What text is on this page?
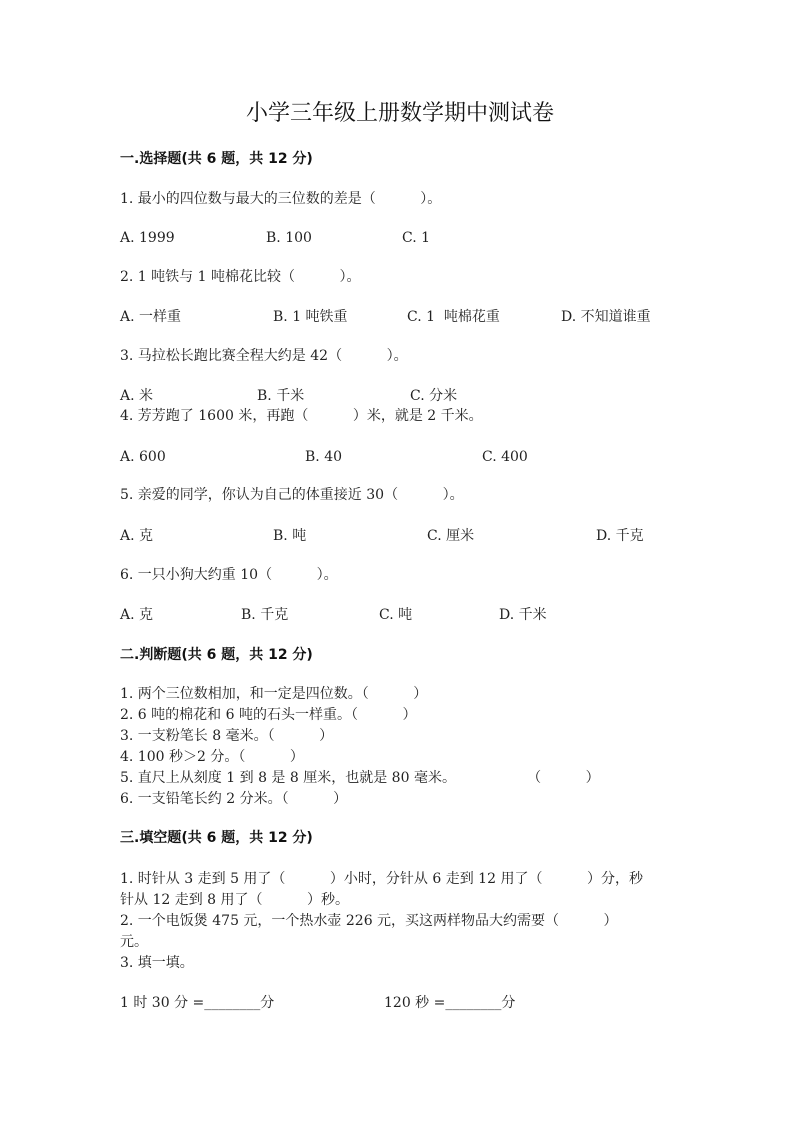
小学三年级上册数学期中测试卷
一.选择题(共 6 题，共 12 分)
1. 最小的四位数与最大的三位数的差是（          ）。
A. 1999	B. 100	C. 1
2. 1 吨铁与 1 吨棉花比较（          ）。
A. 一样重	B. 1 吨铁重	C. 1  吨棉花重	D. 不知道谁重
3. 马拉松长跑比赛全程大约是 42（          ）。
A. 米	B. 千米	C. 分米
4. 芳芳跑了 1600 米，再跑（          ）米，就是 2 千米。
A. 600	B. 40	C. 400
5. 亲爱的同学，你认为自己的体重接近 30（          ）。
A. 克	B. 吨	C. 厘米	D. 千克
6. 一只小狗大约重 10（          ）。
A. 克	B. 千克	C. 吨	D. 千米
二.判断题(共 6 题，共 12 分)
1. 两个三位数相加，和一定是四位数。（          ）
2. 6 吨的棉花和 6 吨的石头一样重。（          ）
3. 一支粉笔长 8 毫米。（          ）
4. 100 秒＞2 分。（          ）
5. 直尺上从刻度 1 到 8 是 8 厘米，也就是 80 毫米。                （          ）
6. 一支铅笔长约 2 分米。（          ）
三.填空题(共 6 题，共 12 分)
1. 时针从 3 走到 5 用了（          ）小时，分针从 6 走到 12 用了（          ）分，秒
针从 12 走到 8 用了（          ）秒。
2. 一个电饭煲 475 元，一个热水壶 226 元，买这两样物品大约需要（          ）
元。
3. 填一填。
1 时 30 分 =________分	120 秒 =________分
